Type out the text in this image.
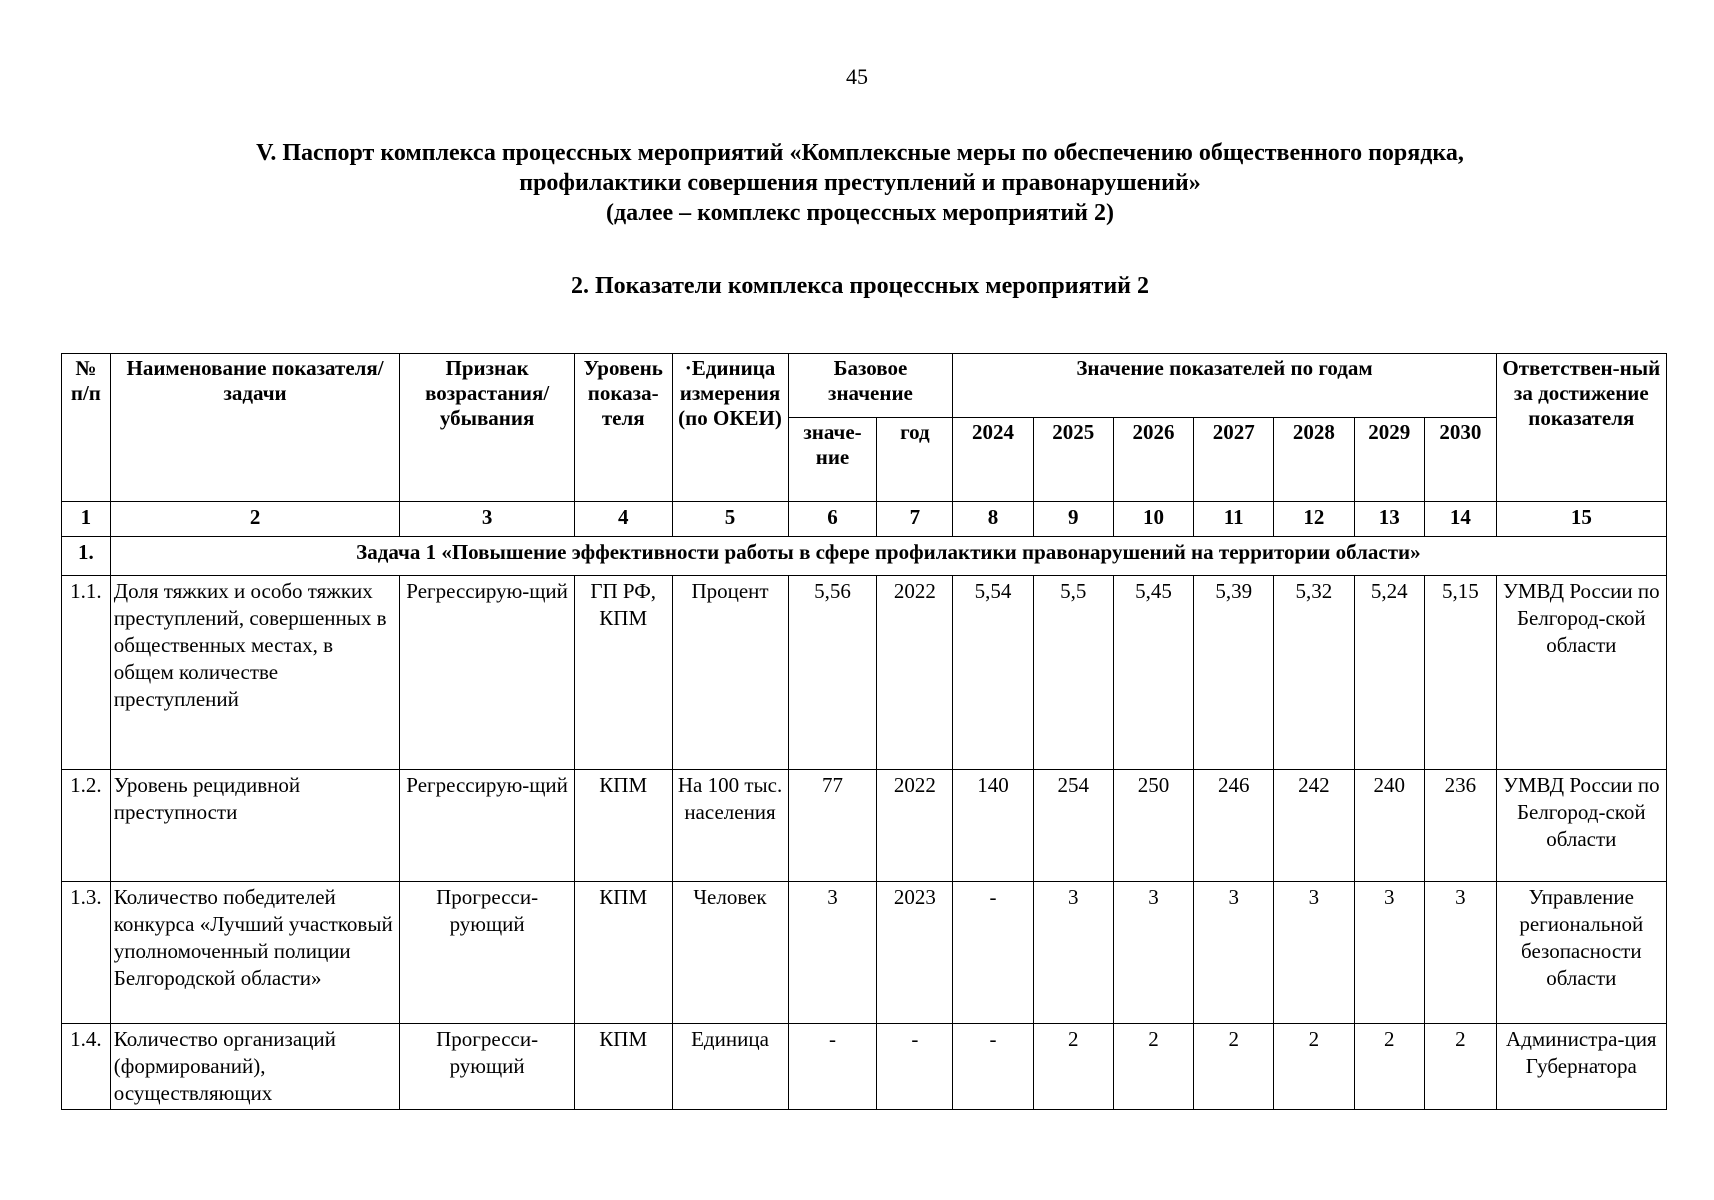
45
V. Паспорт комплекса процессных мероприятий «Комплексные меры по обеспечению общественного порядка,
профилактики совершения преступлений и правонарушений»
(далее – комплекс процессных мероприятий 2)
2. Показатели комплекса процессных мероприятий 2
№ п/п	Наименование показателя/задачи	Признак возрастания/ убывания	Уровень показа-теля	·Единица измерения (по ОКЕИ)	Базовое значение		Значение показателей по годам							Ответствен-ный за достижение показателя
					значе-ние	год	2024	2025	2026	2027	2028	2029	2030	
1	2	3	4	5	6	7	8	9	10	11	12	13	14	15
1.	Задача 1 «Повышение эффективности работы в сфере профилактики правонарушений на территории области»													
1.1.	Доля тяжких и особо тяжких преступлений, совершенных в общественных местах, в общем количестве преступлений	Регрессирую-щий	ГП РФ, КПМ	Процент	5,56	2022	5,54	5,5	5,45	5,39	5,32	5,24	5,15	УМВД России по Белгород-ской области
1.2.	Уровень рецидивной преступности	Регрессирую-щий	КПМ	На 100 тыс. населения	77	2022	140	254	250	246	242	240	236	УМВД России по Белгород-ской области
1.3.	Количество победителей конкурса «Лучший участковый уполномоченный полиции Белгородской области»	Прогресси-рующий	КПМ	Человек	3	2023	-	3	3	3	3	3	3	Управление региональной безопасности области
1.4.	Количество организаций (формирований), осуществляющих	Прогресси-рующий	КПМ	Единица	-	-	-	2	2	2	2	2	2	Администра-ция Губернатора
